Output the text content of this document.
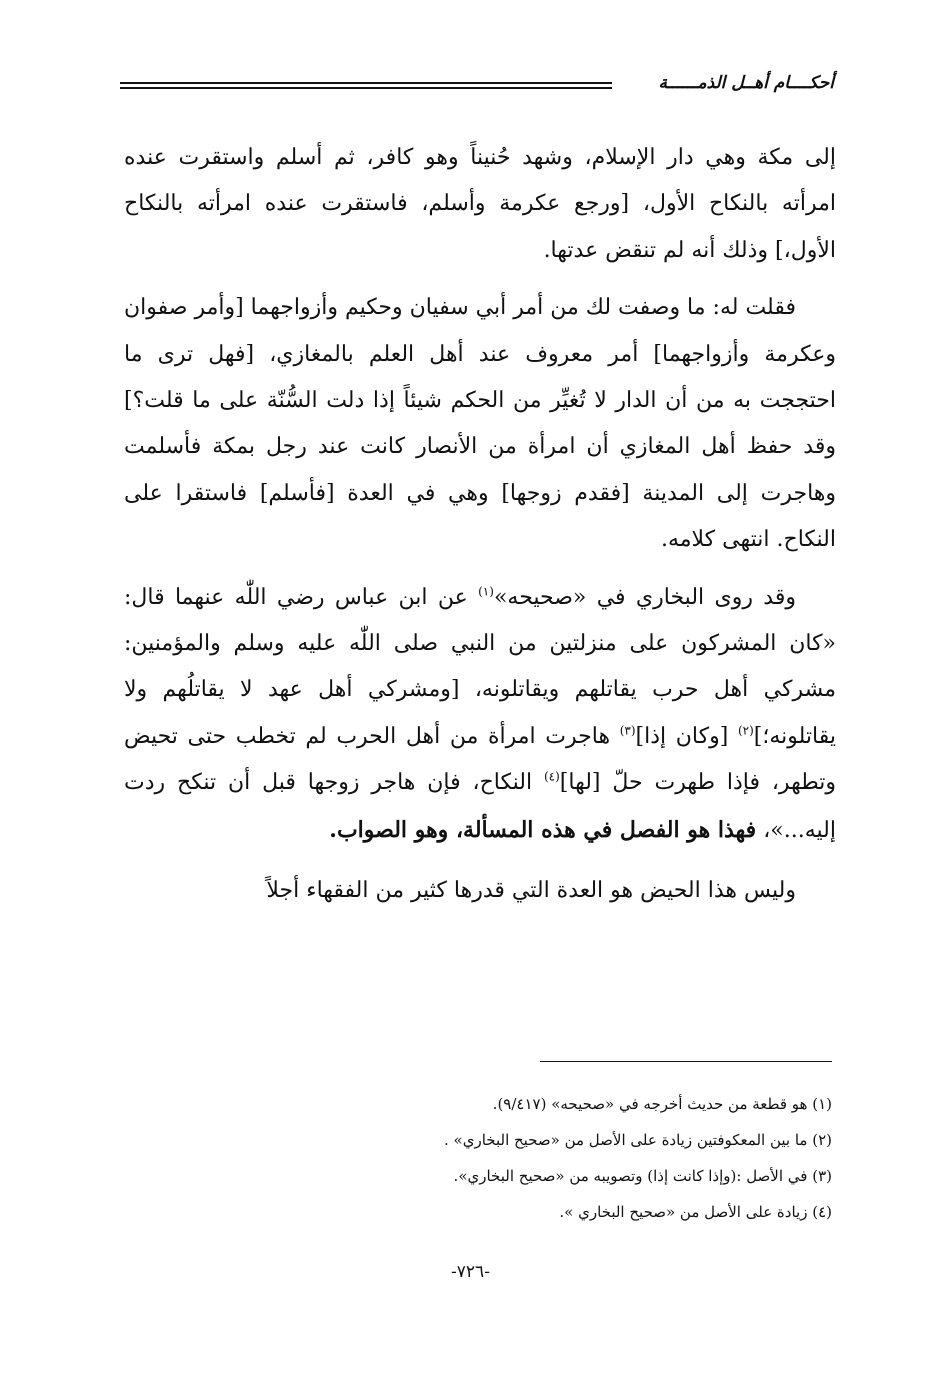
أحكــــام أهــل الذمــــــة

إلى مكة وهي دار الإسلام، وشهد حُنيناً وهو كافر، ثم أسلم واستقرت عنده امرأته بالنكاح الأول، [ورجع عكرمة وأسلم، فاستقرت عنده امرأته بالنكاح الأول،] وذلك أنه لم تنقض عدتها.

فقلت له: ما وصفت لك من أمر أبي سفيان وحكيم وأزواجهما [وأمر صفوان وعكرمة وأزواجهما] أمر معروف عند أهل العلم بالمغازي، [فهل ترى ما احتججت به من أن الدار لا تُغيِّر من الحكم شيئاً إذا دلت السُّنّة على ما قلت؟] وقد حفظ أهل المغازي أن امرأة من الأنصار كانت عند رجل بمكة فأسلمت وهاجرت إلى المدينة [فقدم زوجها] وهي في العدة [فأسلم] فاستقرا على النكاح. انتهى كلامه.

وقد روى البخاري في «صحيحه»$^{(١)}$ عن ابن عباس رضي اللّٰه عنهما قال: «كان المشركون على منزلتين من النبي صلى اللّٰه عليه وسلم والمؤمنين: مشركي أهل حرب يقاتلهم ويقاتلونه، [ومشركي أهل عهد لا يقاتلُهم ولا يقاتلونه؛]$^{(٢)}$ [وكان إذا]$^{(٣)}$ هاجرت امرأة من أهل الحرب لم تخطب حتى تحيض وتطهر، فإذا طهرت حلّ [لها]$^{(٤)}$ النكاح، فإن هاجر زوجها قبل أن تنكح ردت إليه...»، فهذا هو الفصل في هذه المسألة، وهو الصواب.

وليس هذا الحيض هو العدة التي قدرها كثير من الفقهاء أجلاً

(١) هو قطعة من حديث أخرجه في «صحيحه» (٩/٤١٧).

(٢) ما بين المعكوفتين زيادة على الأصل من «صحيح البخاري» .

(٣) في الأصل :(وإذا كانت إذا) وتصويبه من «صحيح البخاري».

(٤) زيادة على الأصل من «صحيح البخاري ».

-٧٢٦-
